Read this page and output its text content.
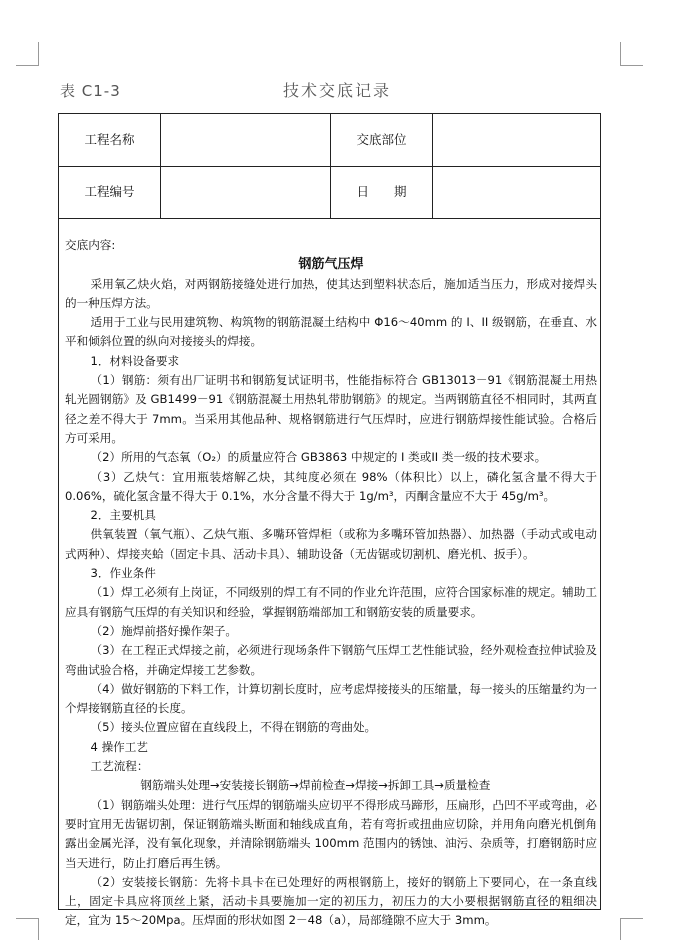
表 C1-3	技术交底记录
工程名称	交底部位
工程编号	日　　期

交底内容:

钢筋气压焊

采用氧乙炔火焰，对两钢筋接缝处进行加热，使其达到塑料状态后，施加适当压力，形成对接焊头的一种压焊方法。

适用于工业与民用建筑物、构筑物的钢筋混凝土结构中 Φ16～40mm 的 I、II 级钢筋，在垂直、水平和倾斜位置的纵向对接接头的焊接。

1．材料设备要求

（1）钢筋：须有出厂证明书和钢筋复试证明书，性能指标符合 GB13013－91《钢筋混凝土用热轧光圆钢筋》及 GB1499－91《钢筋混凝土用热轧带肋钢筋》的规定。当两钢筋直径不相同时，其两直径之差不得大于 7mm。当采用其他品种、规格钢筋进行气压焊时，应进行钢筋焊接性能试验。合格后方可采用。

（2）所用的气态氧（O₂）的质量应符合 GB3863 中规定的 I 类或II 类一级的技术要求。

（3）乙炔气：宜用瓶装熔解乙炔，其纯度必须在 98%（体积比）以上，磷化氢含量不得大于 0.06%，硫化氢含量不得大于 0.1%，水分含量不得大于 1g/m³，丙酮含量应不大于 45g/m³。

2．主要机具

供氧装置（氧气瓶）、乙炔气瓶、多嘴环管焊柜（或称为多嘴环管加热器）、加热器（手动式或电动式两种）、焊接夹蛤（固定卡具、活动卡具）、辅助设备（无齿锯或切割机、磨光机、扳手）。

3．作业条件

（1）焊工必须有上岗证，不同级别的焊工有不同的作业允许范围，应符合国家标准的规定。辅助工应具有钢筋气压焊的有关知识和经验，掌握钢筋端部加工和钢筋安装的质量要求。

（2）施焊前搭好操作架子。

（3）在工程正式焊接之前，必须进行现场条件下钢筋气压焊工艺性能试验，经外观检查拉伸试验及弯曲试验合格，并确定焊接工艺参数。

（4）做好钢筋的下料工作，计算切割长度时，应考虑焊接接头的压缩量，每一接头的压缩量约为一个焊接钢筋直径的长度。

（5）接头位置应留在直线段上，不得在钢筋的弯曲处。

4 操作工艺

工艺流程：

钢筋端头处理→安装接长钢筋→焊前检查→焊接→拆卸工具→质量检查

（1）钢筋端头处理：进行气压焊的钢筋端头应切平不得形成马蹄形，压扁形，凸凹不平或弯曲，必要时宜用无齿锯切割，保证钢筋端头断面和轴线成直角，若有弯折或扭曲应切除，并用角向磨光机倒角露出金属光泽，没有氧化现象，并清除钢筋端头 100mm 范围内的锈蚀、油污、杂质等，打磨钢筋时应当天进行，防止打磨后再生锈。

（2）安装接长钢筋：先将卡具卡在已处理好的两根钢筋上，接好的钢筋上下要同心，在一条直线上，固定卡具应将顶丝上紧，活动卡具要施加一定的初压力，初压力的大小要根据钢筋直径的粗细决定，宜为 15～20Mpa。压焊面的形状如图 2－48（a），局部缝隙不应大于 3mm。
